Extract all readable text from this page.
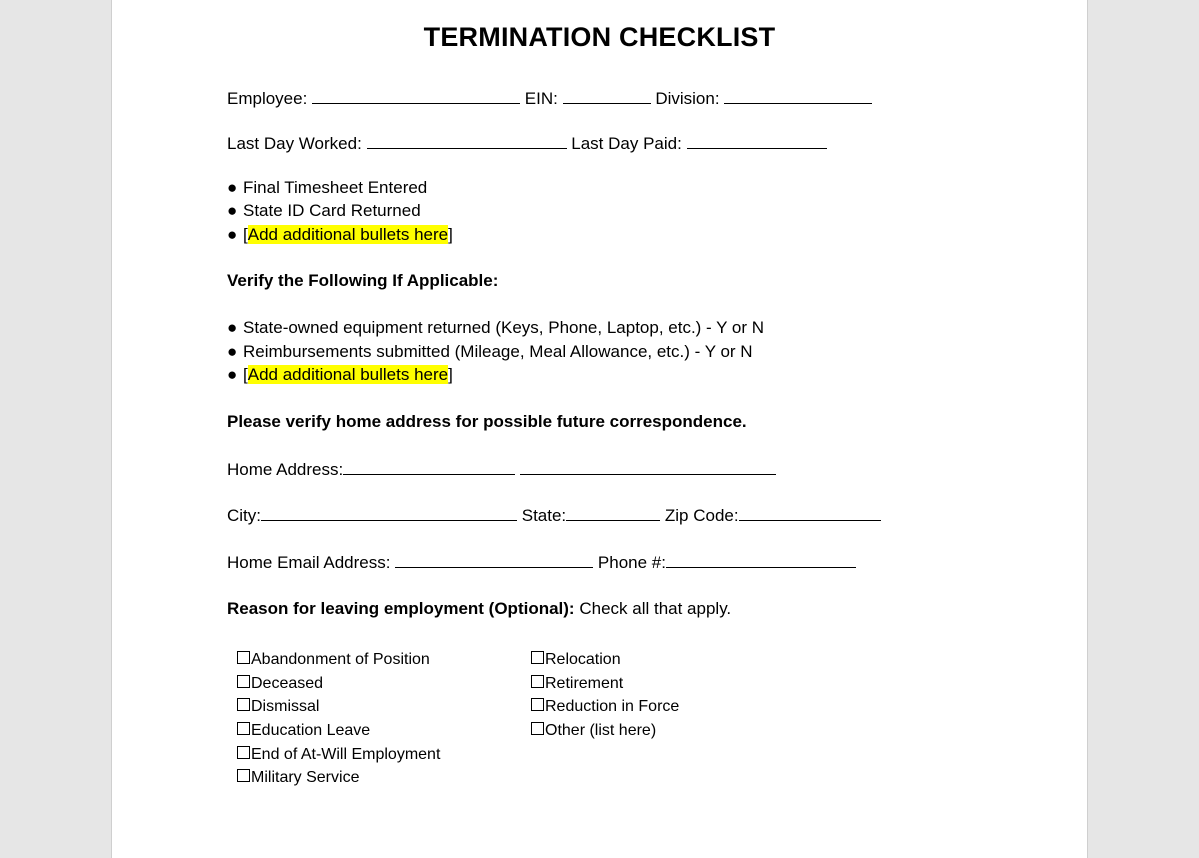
TERMINATION CHECKLIST
Employee:	EIN:	Division:
Last Day Worked:	Last Day Paid:
● Final Timesheet Entered
● State ID Card Returned
● [Add additional bullets here]
Verify the Following If Applicable:
● State-owned equipment returned (Keys, Phone, Laptop, etc.) - Y or N
● Reimbursements submitted (Mileage, Meal Allowance, etc.) - Y or N
● [Add additional bullets here]
Please verify home address for possible future correspondence.
Home Address:
City:	State:	Zip Code:
Home Email Address:	Phone #:
Reason for leaving employment (Optional): Check all that apply.
Abandonment of Position
Deceased
Dismissal
Education Leave
End of At-Will Employment
Military Service
Relocation
Retirement
Reduction in Force
Other (list here)
